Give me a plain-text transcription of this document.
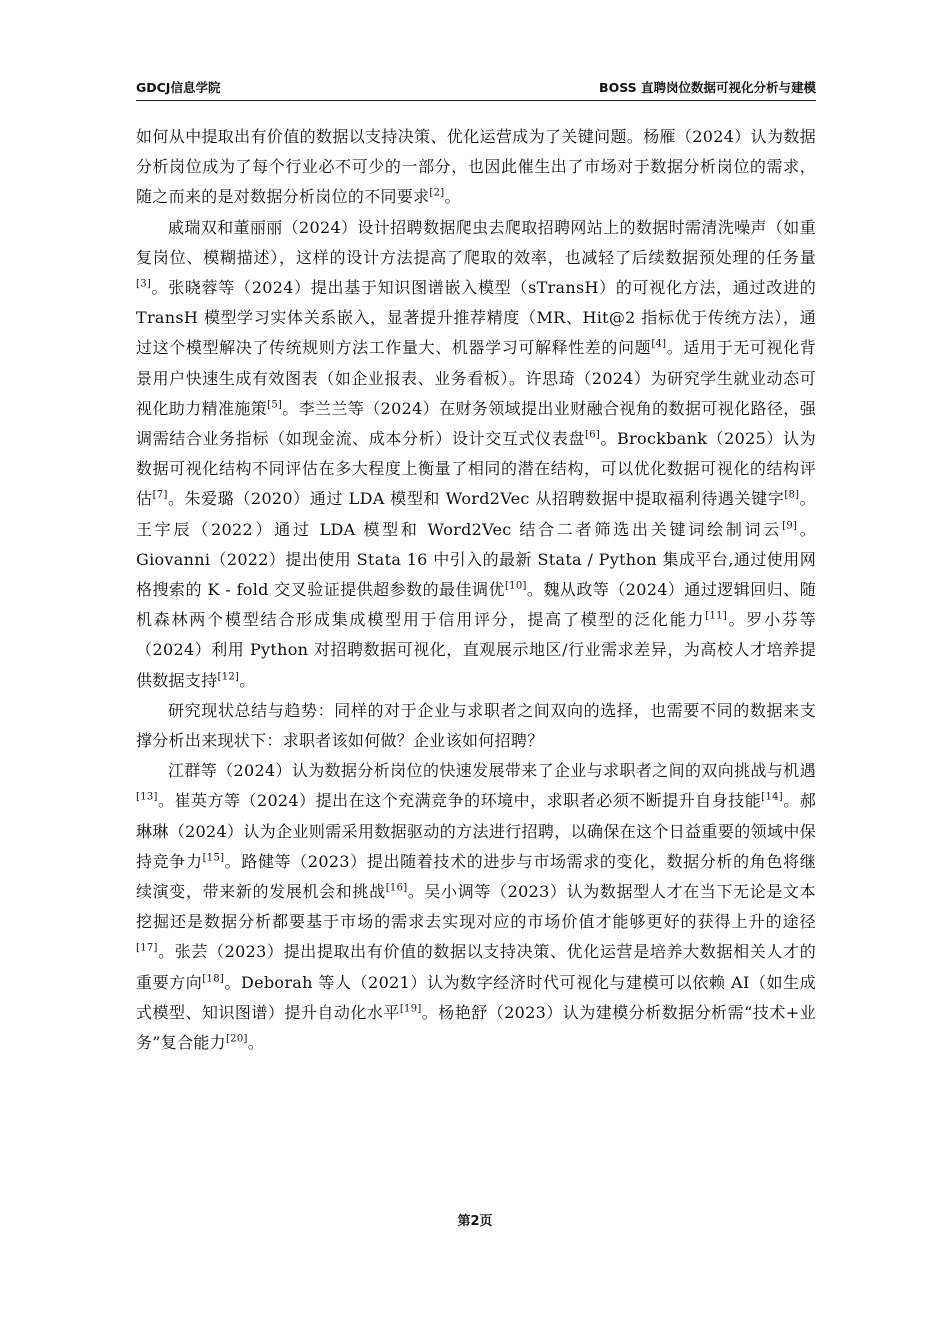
GDCJ信息学院	BOSS 直聘岗位数据可视化分析与建模

如何从中提取出有价值的数据以支持决策、优化运营成为了关键问题。杨雁（2024）认为数据分析岗位成为了每个行业必不可少的一部分，也因此催生出了市场对于数据分析岗位的需求，随之而来的是对数据分析岗位的不同要求[2]。

戚瑞双和董丽丽（2024）设计招聘数据爬虫去爬取招聘网站上的数据时需清洗噪声（如重复岗位、模糊描述），这样的设计方法提高了爬取的效率，也减轻了后续数据预处理的任务量[3]。张晓蓉等（2024）提出基于知识图谱嵌入模型（sTransH）的可视化方法，通过改进的 TransH 模型学习实体关系嵌入，显著提升推荐精度（MR、Hit@2 指标优于传统方法），通过这个模型解决了传统规则方法工作量大、机器学习可解释性差的问题[4]。适用于无可视化背景用户快速生成有效图表（如企业报表、业务看板）。许思琦（2024）为研究学生就业动态可视化助力精准施策[5]。李兰兰等（2024）在财务领域提出业财融合视角的数据可视化路径，强调需结合业务指标（如现金流、成本分析）设计交互式仪表盘[6]。Brockbank（2025）认为数据可视化结构不同评估在多大程度上衡量了相同的潜在结构，可以优化数据可视化的结构评估[7]。朱爱璐（2020）通过 LDA 模型和 Word2Vec 从招聘数据中提取福利待遇关键字[8]。王宇辰（2022）通过 LDA 模型和 Word2Vec 结合二者筛选出关键词绘制词云[9]。Giovanni（2022）提出使用 Stata 16 中引入的最新 Stata / Python 集成平台,通过使用网格搜索的 K - fold 交叉验证提供超参数的最佳调优[10]。魏从政等（2024）通过逻辑回归、随机森林两个模型结合形成集成模型用于信用评分，提高了模型的泛化能力[11]。罗小芬等（2024）利用 Python 对招聘数据可视化，直观展示地区/行业需求差异，为高校人才培养提供数据支持[12]。

研究现状总结与趋势：同样的对于企业与求职者之间双向的选择，也需要不同的数据来支撑分析出来现状下：求职者该如何做？企业该如何招聘？

江群等（2024）认为数据分析岗位的快速发展带来了企业与求职者之间的双向挑战与机遇[13]。崔英方等（2024）提出在这个充满竞争的环境中，求职者必须不断提升自身技能[14]。郝琳琳（2024）认为企业则需采用数据驱动的方法进行招聘，以确保在这个日益重要的领域中保持竞争力[15]。路健等（2023）提出随着技术的进步与市场需求的变化，数据分析的角色将继续演变，带来新的发展机会和挑战[16]。吴小调等（2023）认为数据型人才在当下无论是文本挖掘还是数据分析都要基于市场的需求去实现对应的市场价值才能够更好的获得上升的途径[17]。张芸（2023）提出提取出有价值的数据以支持决策、优化运营是培养大数据相关人才的重要方向[18]。Deborah 等人（2021）认为数字经济时代可视化与建模可以依赖 AI（如生成式模型、知识图谱）提升自动化水平[19]。杨艳舒（2023）认为建模分析数据分析需“技术+业务”复合能力[20]。

第2页
